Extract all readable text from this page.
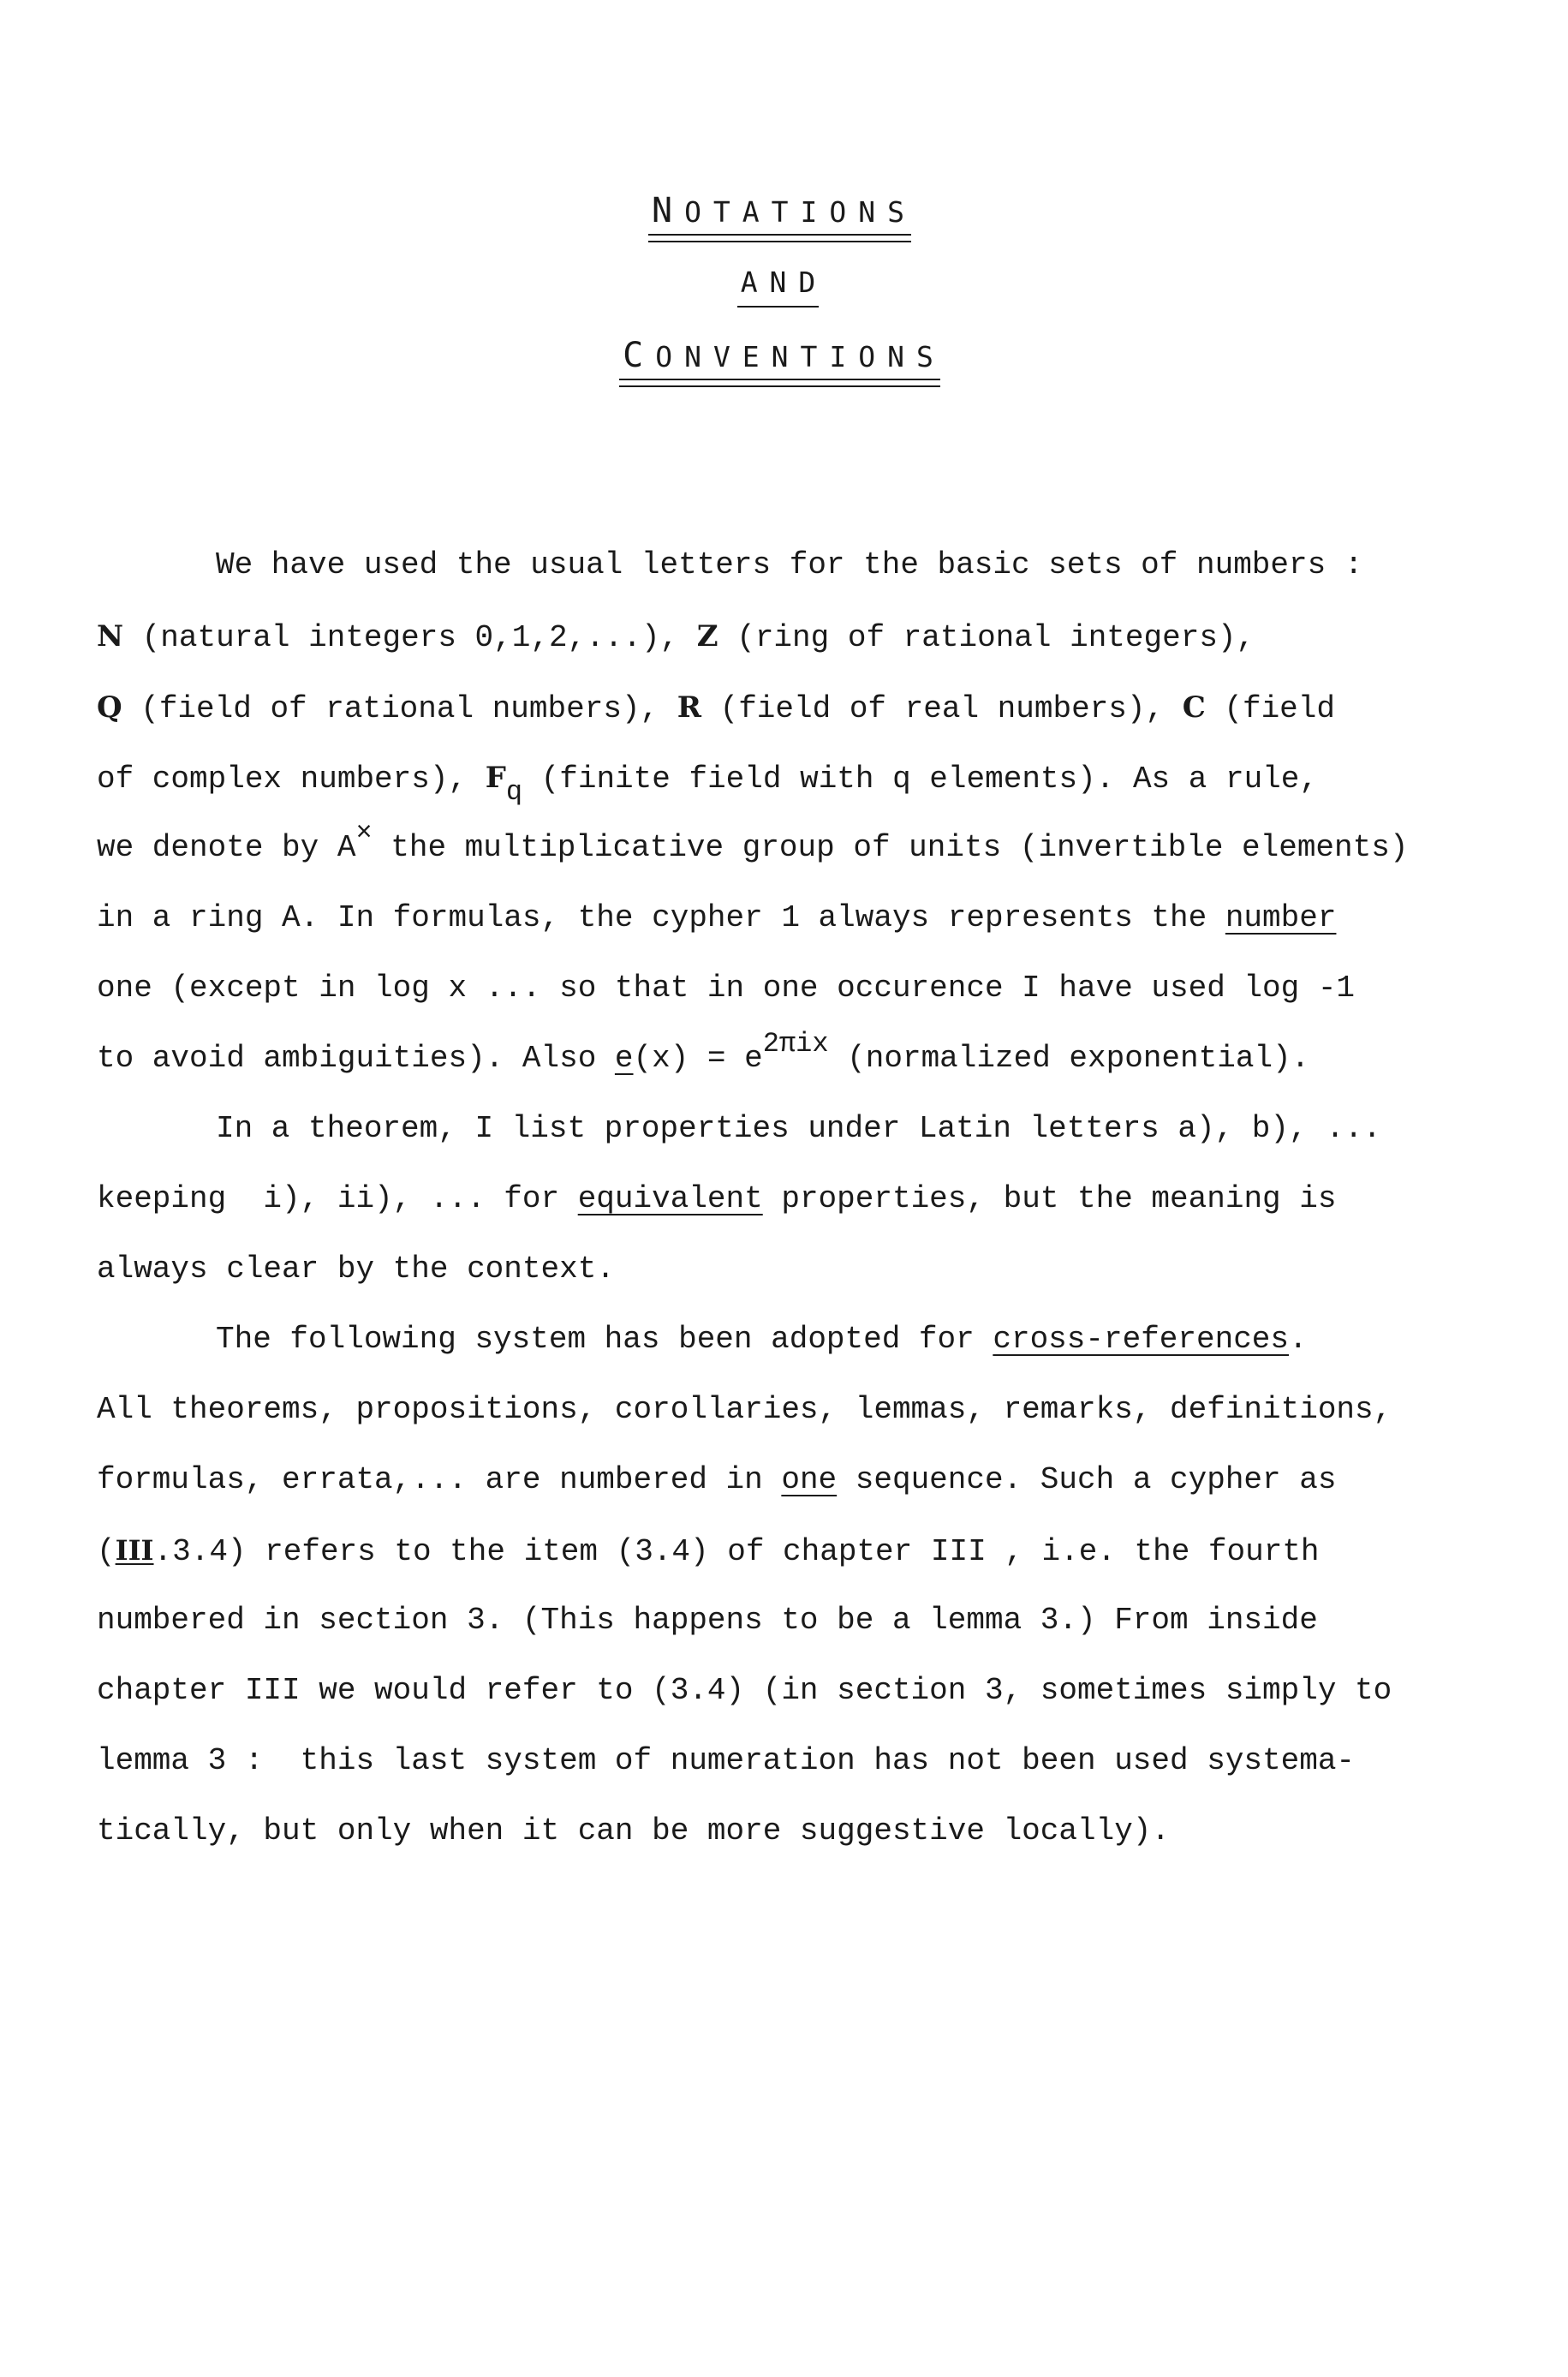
NOTATIONS
AND
CONVENTIONS
We have used the usual letters for the basic sets of numbers :
N (natural integers 0,1,2,...), Z (ring of rational integers),
Q (field of rational numbers), R (field of real numbers), C (field
of complex numbers), Fq (finite field with q elements). As a rule,
we denote by A× the multiplicative group of units (invertible elements)
in a ring A. In formulas, the cypher 1 always represents the number
one (except in log x ... so that in one occurence I have used log -1
to avoid ambiguities). Also e(x) = e2πix (normalized exponential).
In a theorem, I list properties under Latin letters a), b), ...
keeping  i), ii), ... for equivalent properties, but the meaning is
always clear by the context.
The following system has been adopted for cross-references.
All theorems, propositions, corollaries, lemmas, remarks, definitions,
formulas, errata,... are numbered in one sequence. Such a cypher as
(III.3.4) refers to the item (3.4) of chapter III , i.e. the fourth
numbered in section 3. (This happens to be a lemma 3.) From inside
chapter III we would refer to (3.4) (in section 3, sometimes simply to
lemma 3 :  this last system of numeration has not been used systema-
tically, but only when it can be more suggestive locally).
